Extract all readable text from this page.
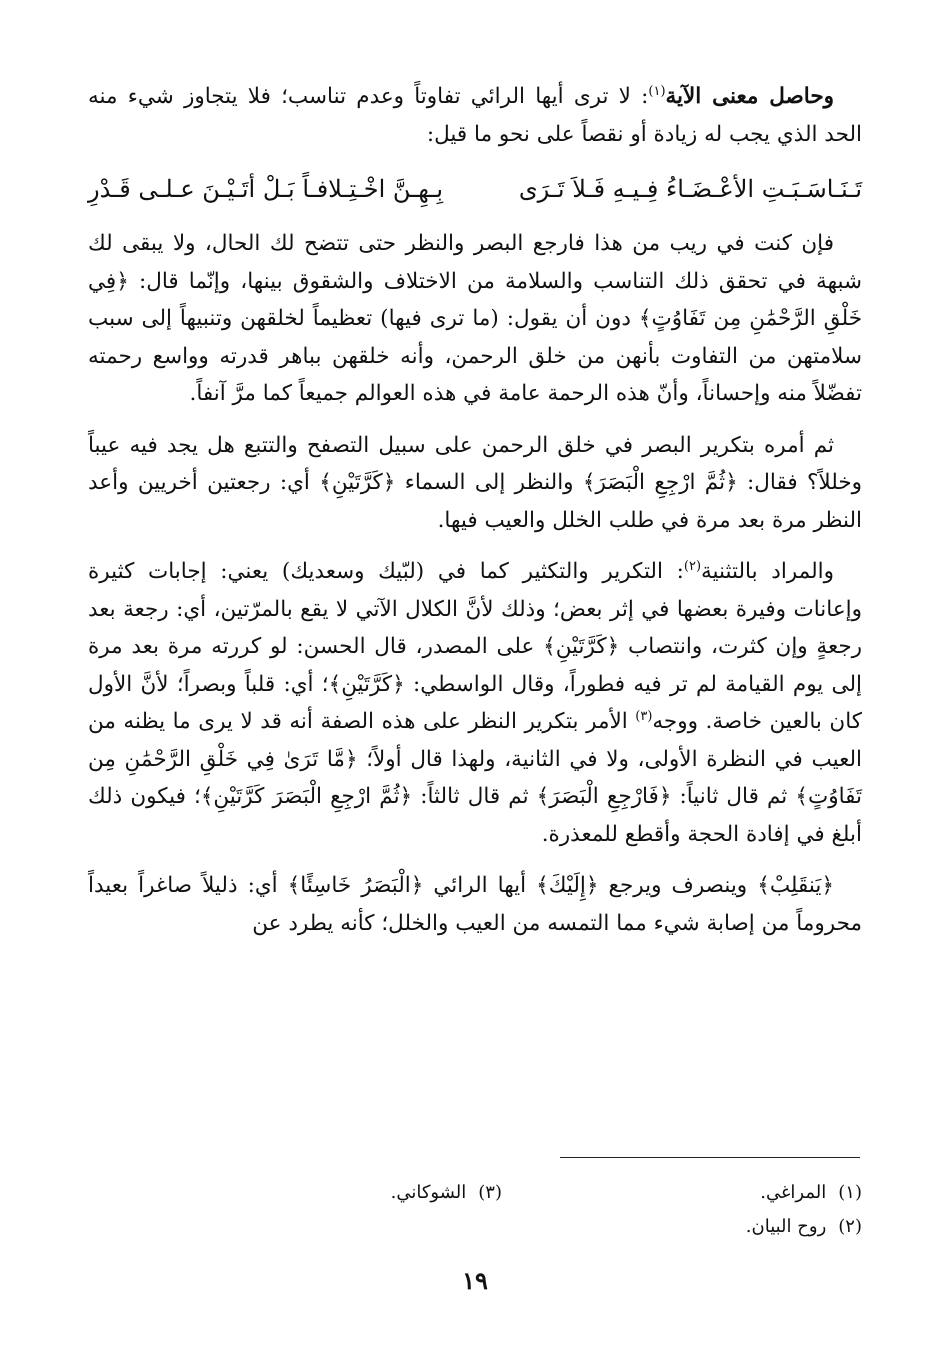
وحاصل معنى الآية$^{(١)}$: لا ترى أيها الرائي تفاوتاً وعدم تناسب؛ فلا يتجاوز شيء منه الحد الذي يجب له زيادة أو نقصاً على نحو ما قيل:

تَـنَـاسَـبَـتِ الأعْـضَـاءُ فِـيـهِ فَـلاَ تَـرَى
بِـهِـنَّ اخْـتِـلافـاً بَـلْ أتَـيْـنَ عـلـى قَـدْرِ

فإن كنت في ريب من هذا فارجع البصر والنظر حتى تتضح لك الحال، ولا يبقى لك شبهة في تحقق ذلك التناسب والسلامة من الاختلاف والشقوق بينها، وإنّما قال: ﴿فِي خَلْقِ الرَّحْمَٰنِ مِن تَفَاوُتٍ﴾ دون أن يقول: (ما ترى فيها) تعظيماً لخلقهن وتنبيهاً إلى سبب سلامتهن من التفاوت بأنهن من خلق الرحمن، وأنه خلقهن بباهر قدرته وواسع رحمته تفضّلاً منه وإحساناً، وأنّ هذه الرحمة عامة في هذه العوالم جميعاً كما مرَّ آنفاً.

ثم أمره بتكرير البصر في خلق الرحمن على سبيل التصفح والتتبع هل يجد فيه عيباً وخللاً؟ فقال: ﴿ثُمَّ ارْجِعِ الْبَصَرَ﴾ والنظر إلى السماء ﴿كَرَّتَيْنِ﴾ أي: رجعتين أخريين وأعد النظر مرة بعد مرة في طلب الخلل والعيب فيها.

والمراد بالتثنية$^{(٢)}$: التكرير والتكثير كما في (لبّيك وسعديك) يعني: إجابات كثيرة وإعانات وفيرة بعضها في إثر بعض؛ وذلك لأنَّ الكلال الآتي لا يقع بالمرّتين، أي: رجعة بعد رجعةٍ وإن كثرت، وانتصاب ﴿كَرَّتَيْنِ﴾ على المصدر، قال الحسن: لو كررته مرة بعد مرة إلى يوم القيامة لم تر فيه فطوراً، وقال الواسطي: ﴿كَرَّتَيْنِ﴾؛ أي: قلباً وبصراً؛ لأنَّ الأول كان بالعين خاصة. ووجه$^{(٣)}$ الأمر بتكرير النظر على هذه الصفة أنه قد لا يرى ما يظنه من العيب في النظرة الأولى، ولا في الثانية، ولهذا قال أولاً؛ ﴿مَّا تَرَىٰ فِي خَلْقِ الرَّحْمَٰنِ مِن تَفَاوُتٍ﴾ ثم قال ثانياً: ﴿فَارْجِعِ الْبَصَرَ﴾ ثم قال ثالثاً: ﴿ثُمَّ ارْجِعِ الْبَصَرَ كَرَّتَيْنِ﴾؛ فيكون ذلك أبلغ في إفادة الحجة وأقطع للمعذرة.

﴿يَنقَلِبْ﴾ وينصرف ويرجع ﴿إِلَيْكَ﴾ أيها الرائي ﴿الْبَصَرُ خَاسِئًا﴾ أي: ذليلاً صاغراً بعيداً محروماً من إصابة شيء مما التمسه من العيب والخلل؛ كأنه يطرد عن

(١)المراغي.
(٣)الشوكاني.
(٢)روح البيان.
١٩
